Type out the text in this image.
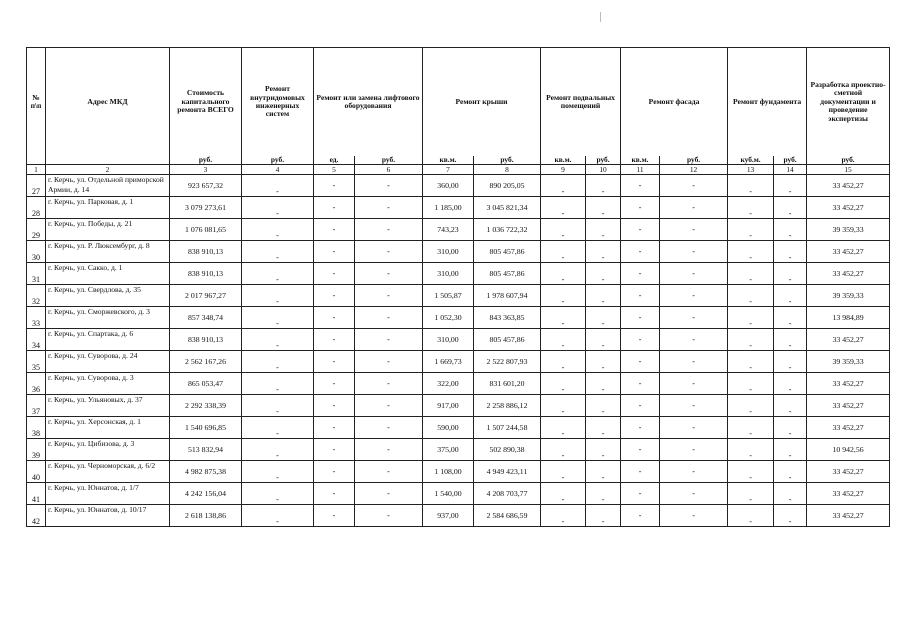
№ п\п	Адрес МКД	Стоимость капитального ремонта ВСЕГО	Ремонт внутридомовых инженерных систем	Ремонт или замена лифтового оборудования		Ремонт крыши		Ремонт подвальных помещений		Ремонт фасада		Ремонт фундамента		Разработка проектно-сметной документации и проведение экспертизы
		руб.	руб.	ед.	руб.	кв.м.	руб.	кв.м.	руб.	кв.м.	руб.	куб.м.	руб.	руб.
1	2	3	4	5	6	7	8	9	10	11	12	13	14	15
27	г. Керчь, ул. Отдельной приморской Армии, д. 14	923 657,32	-	-	-	360,00	890 205,05	-	-	-	-	-	-	33 452,27
28	г. Керчь, ул. Парковая, д. 1	3 079 273,61	-	-	-	1 185,00	3 045 821,34	-	-	-	-	-	-	33 452,27
29	г. Керчь, ул. Победы, д. 21	1 076 081,65	-	-	-	743,23	1 036 722,32	-	-	-	-	-	-	39 359,33
30	г. Керчь, ул. Р. Люксембург, д. 8	838 910,13	-	-	-	310,00	805 457,86	-	-	-	-	-	-	33 452,27
31	г. Керчь, ул. Сакко, д. 1	838 910,13	-	-	-	310,00	805 457,86	-	-	-	-	-	-	33 452,27
32	г. Керчь, ул. Свердлова, д. 35	2 017 967,27	-	-	-	1 505,87	1 978 607,94	-	-	-	-	-	-	39 359,33
33	г. Керчь, ул. Сморжевского, д. 3	857 348,74	-	-	-	1 052,30	843 363,85	-	-	-	-	-	-	13 984,89
34	г. Керчь, ул. Спартака, д. 6	838 910,13	-	-	-	310,00	805 457,86	-	-	-	-	-	-	33 452,27
35	г. Керчь, ул. Суворова, д. 24	2 562 167,26	-	-	-	1 669,73	2 522 807,93	-	-	-	-	-	-	39 359,33
36	г. Керчь, ул. Суворова, д. 3	865 053,47	-	-	-	322,00	831 601,20	-	-	-	-	-	-	33 452,27
37	г. Керчь, ул. Ульяновых, д. 37	2 292 338,39	-	-	-	917,00	2 258 886,12	-	-	-	-	-	-	33 452,27
38	г. Керчь, ул. Херсонская, д. 1	1 540 696,85	-	-	-	590,00	1 507 244,58	-	-	-	-	-	-	33 452,27
39	г. Керчь, ул. Цибизова, д. 3	513 832,94	-	-	-	375,00	502 890,38	-	-	-	-	-	-	10 942,56
40	г. Керчь, ул. Черноморская, д. 6/2	4 982 875,38	-	-	-	1 108,00	4 949 423,11	-	-	-	-	-	-	33 452,27
41	г. Керчь, ул. Юннатов, д. 1/7	4 242 156,04	-	-	-	1 540,00	4 208 703,77	-	-	-	-	-	-	33 452,27
42	г. Керчь, ул. Юннатов, д. 10/17	2 618 138,86	-	-	-	937,00	2 584 686,59	-	-	-	-	-	-	33 452,27
